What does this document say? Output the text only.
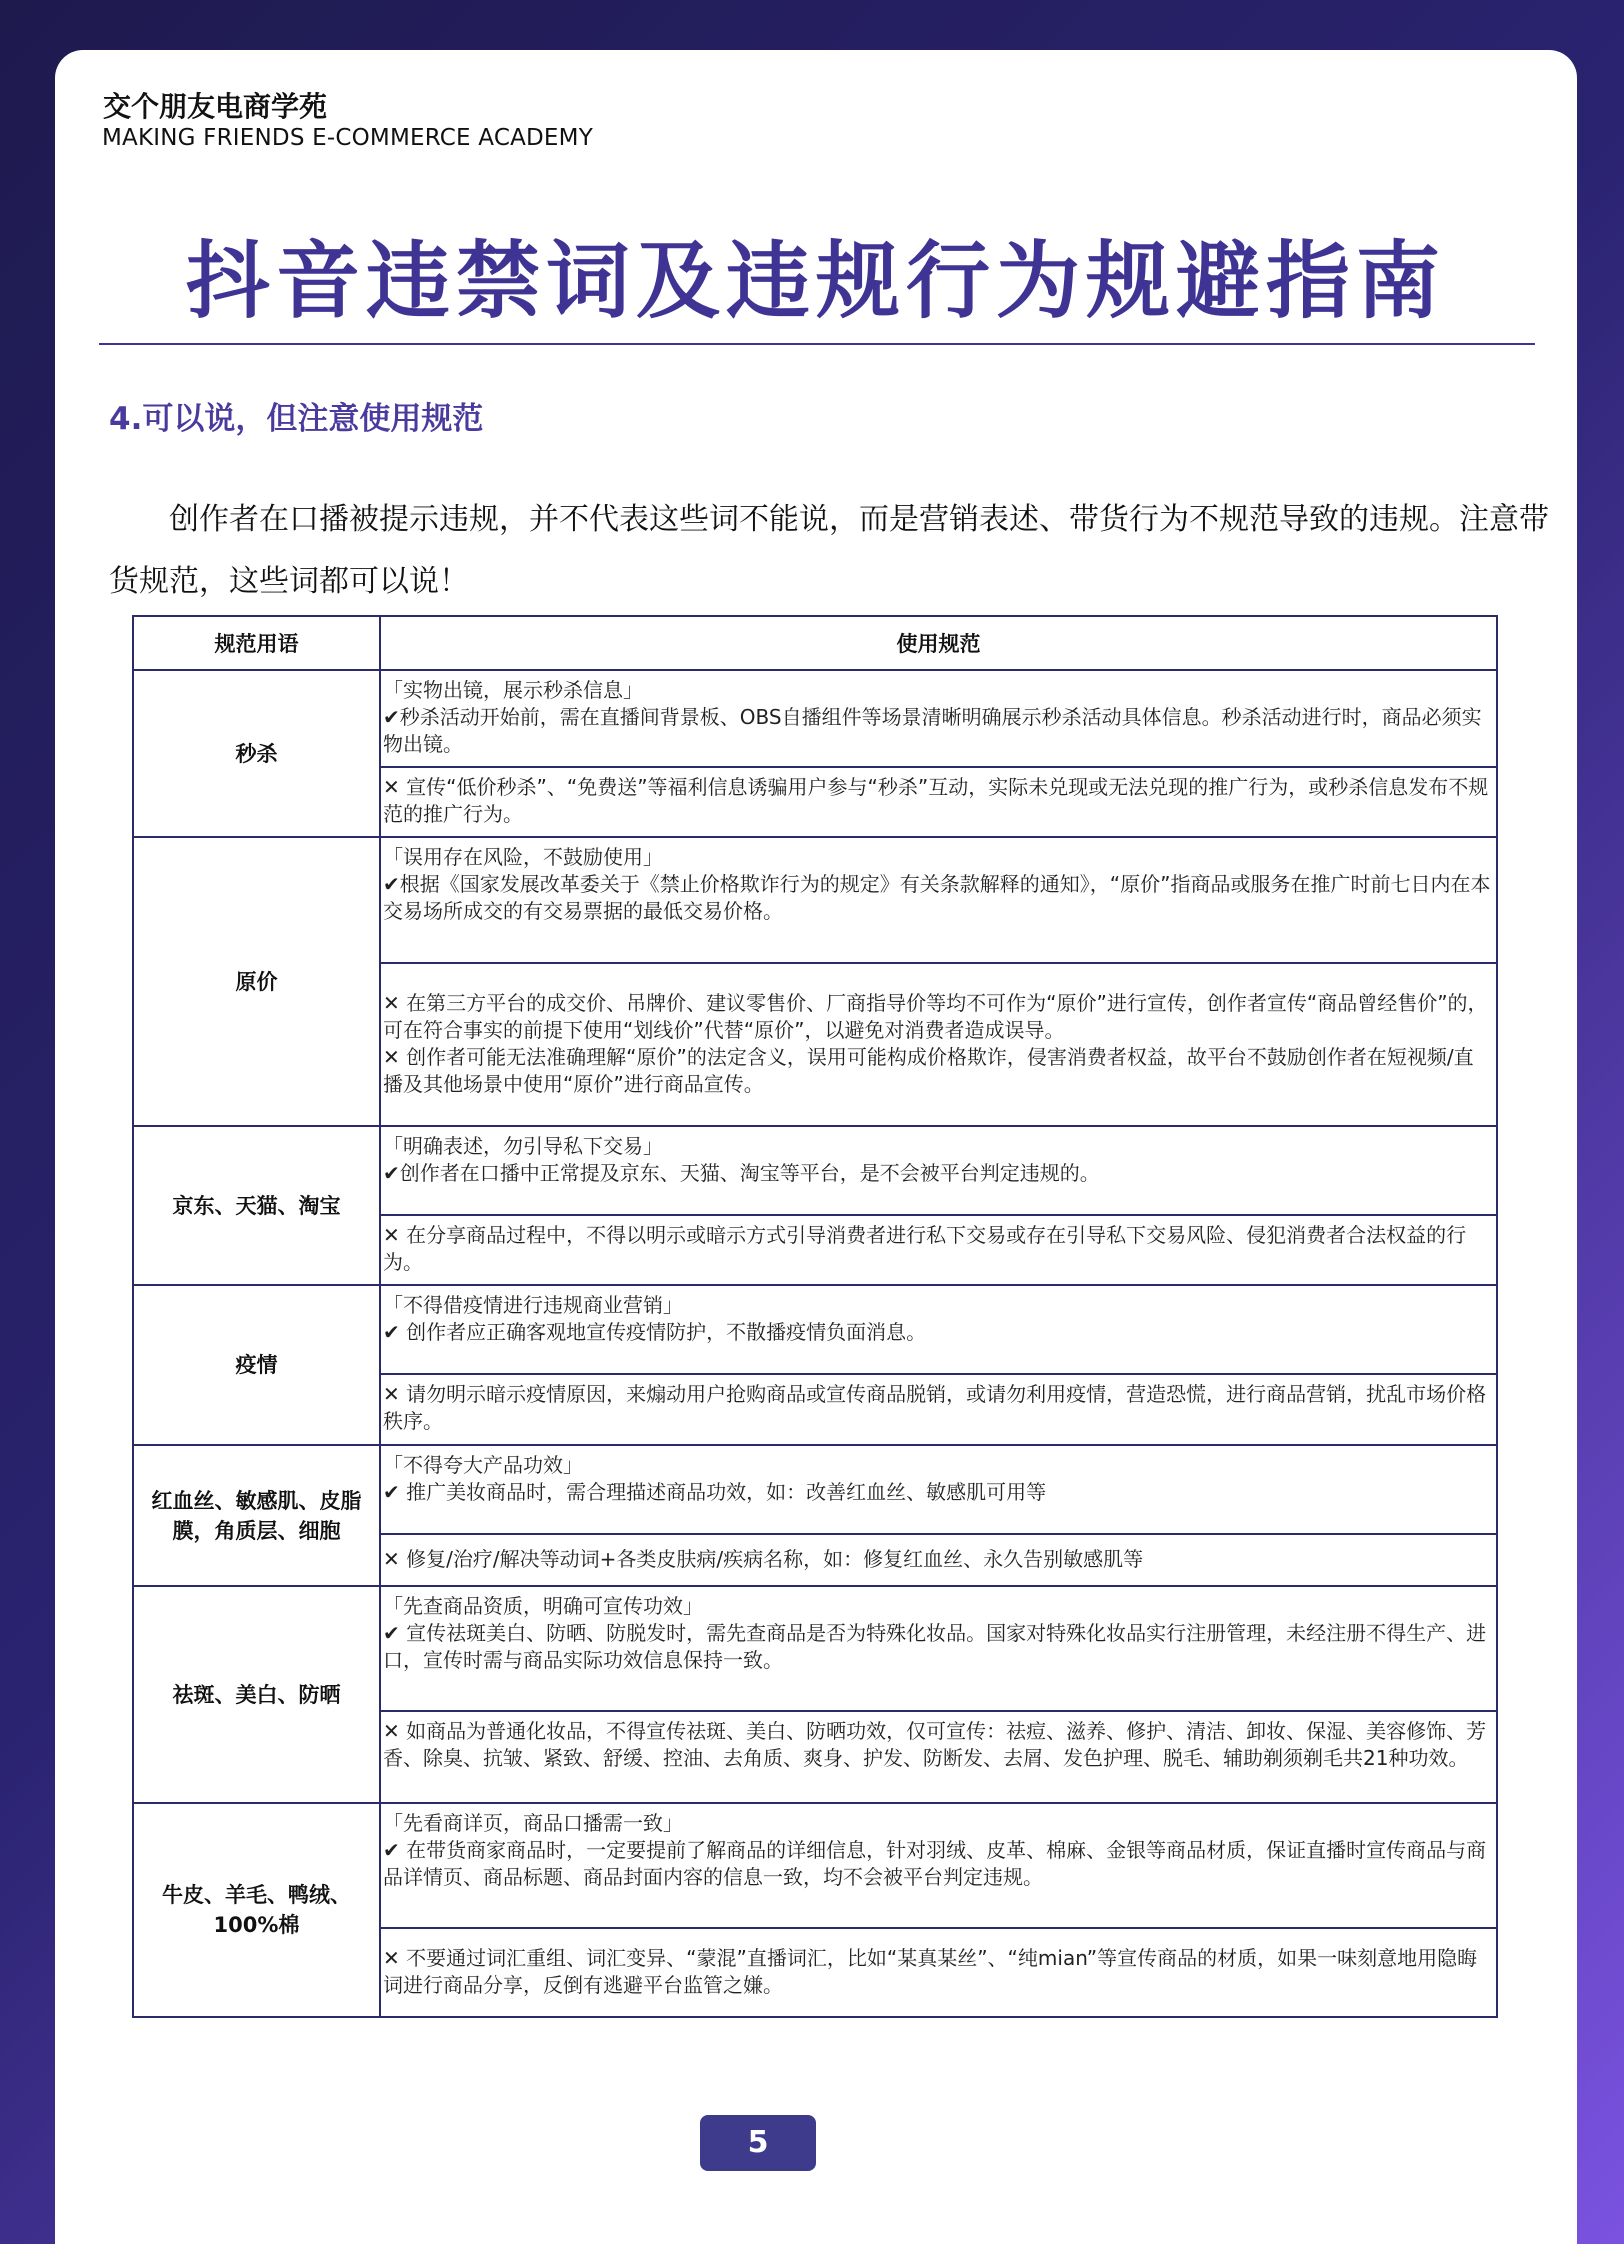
交个朋友电商学苑
MAKING FRIENDS E-COMMERCE ACADEMY
抖音违禁词及违规行为规避指南
4.可以说，但注意使用规范

创作者在口播被提示违规，并不代表这些词不能说，而是营销表述、带货行为不规范导致的违规。注意带货规范，这些词都可以说！

规范用语	使用规范
秒杀	「实物出镜，展示秒杀信息」
✔秒杀活动开始前，需在直播间背景板、OBS自播组件等场景清晰明确展示秒杀活动具体信息。秒杀活动进行时，商品必须实物出镜。

	✕ 宣传“低价秒杀”、“免费送”等福利信息诱骗用户参与“秒杀”互动，实际未兑现或无法兑现的推广行为，或秒杀信息发布不规范的推广行为。

原价	「误用存在风险，不鼓励使用」
✔根据《国家发展改革委关于《禁止价格欺诈行为的规定》有关条款解释的通知》，“原价”指商品或服务在推广时前七日内在本交易场所成交的有交易票据的最低交易价格。

	✕ 在第三方平台的成交价、吊牌价、建议零售价、厂商指导价等均不可作为“原价”进行宣传，创作者宣传“商品曾经售价”的，可在符合事实的前提下使用“划线价”代替“原价”，以避免对消费者造成误导。
✕ 创作者可能无法准确理解“原价”的法定含义，误用可能构成价格欺诈，侵害消费者权益，故平台不鼓励创作者在短视频/直播及其他场景中使用“原价”进行商品宣传。

京东、天猫、淘宝	「明确表述，勿引导私下交易」
✔创作者在口播中正常提及京东、天猫、淘宝等平台，是不会被平台判定违规的。

	✕ 在分享商品过程中，不得以明示或暗示方式引导消费者进行私下交易或存在引导私下交易风险、侵犯消费者合法权益的行为。

疫情	「不得借疫情进行违规商业营销」
✔ 创作者应正确客观地宣传疫情防护，不散播疫情负面消息。

	✕ 请勿明示暗示疫情原因，来煽动用户抢购商品或宣传商品脱销，或请勿利用疫情，营造恐慌，进行商品营销，扰乱市场价格秩序。

红血丝、敏感肌、皮脂膜，角质层、细胞	「不得夸大产品功效」
✔ 推广美妆商品时，需合理描述商品功效，如：改善红血丝、敏感肌可用等

	✕ 修复/治疗/解决等动词+各类皮肤病/疾病名称，如：修复红血丝、永久告别敏感肌等

祛斑、美白、防晒	「先查商品资质，明确可宣传功效」
✔ 宣传祛斑美白、防晒、防脱发时，需先查商品是否为特殊化妆品。国家对特殊化妆品实行注册管理，未经注册不得生产、进口，宣传时需与商品实际功效信息保持一致。

	✕ 如商品为普通化妆品，不得宣传祛斑、美白、防晒功效，仅可宣传：祛痘、滋养、修护、清洁、卸妆、保湿、美容修饰、芳香、除臭、抗皱、紧致、舒缓、控油、去角质、爽身、护发、防断发、去屑、发色护理、脱毛、辅助剃须剃毛共21种功效。

牛皮、羊毛、鸭绒、100%棉	「先看商详页，商品口播需一致」
✔ 在带货商家商品时，一定要提前了解商品的详细信息，针对羽绒、皮革、棉麻、金银等商品材质，保证直播时宣传商品与商品详情页、商品标题、商品封面内容的信息一致，均不会被平台判定违规。

	✕ 不要通过词汇重组、词汇变异、“蒙混”直播词汇，比如“某真某丝”、“纯mian”等宣传商品的材质，如果一味刻意地用隐晦词进行商品分享，反倒有逃避平台监管之嫌。
5
